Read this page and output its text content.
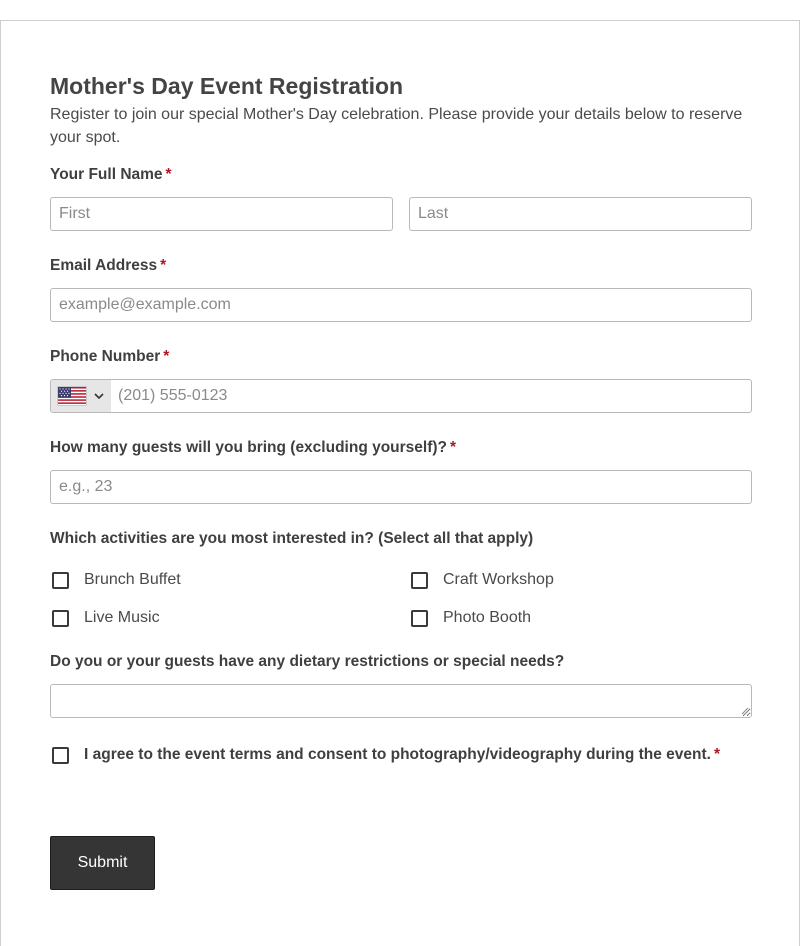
Mother's Day Event Registration

Register to join our special Mother's Day celebration. Please provide your details below to reserve your spot.

Your Full Name *
First
Last
Email Address *
example@example.com
Phone Number *
(201) 555-0123
How many guests will you bring (excluding yourself)? *
e.g., 23
Which activities are you most interested in? (Select all that apply)
Brunch Buffet	Craft Workshop
Live Music	Photo Booth
Do you or your guests have any dietary restrictions or special needs?
I agree to the event terms and consent to photography/videography during the event. *
Submit
